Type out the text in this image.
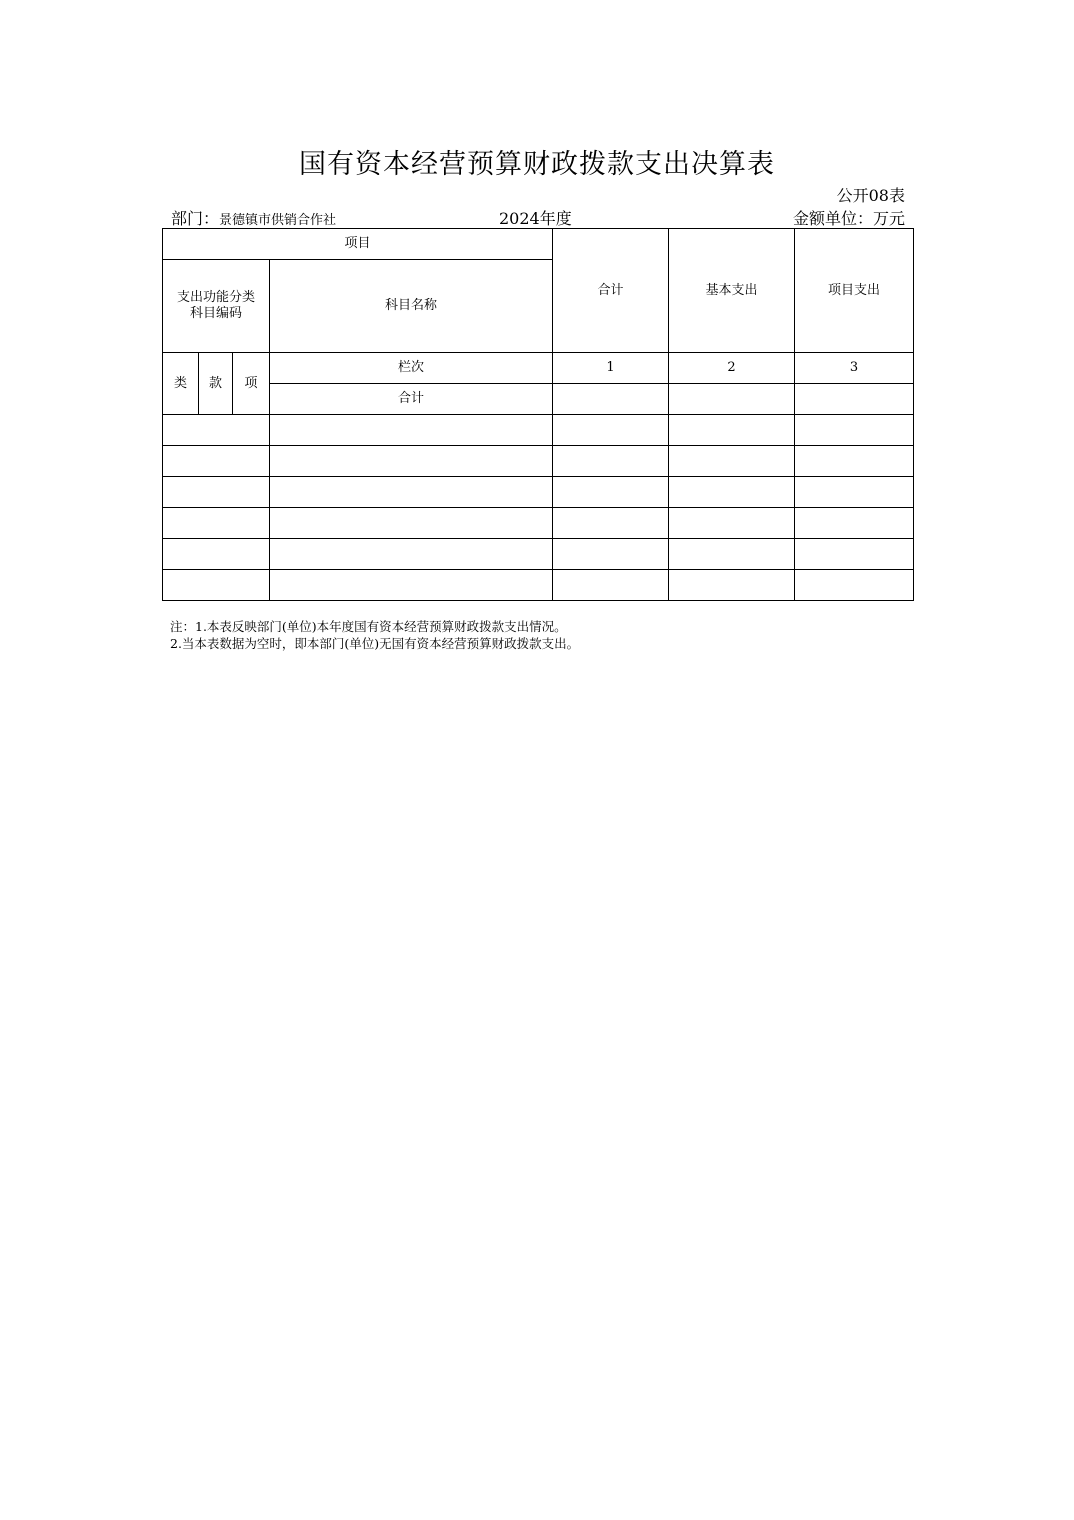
国有资本经营预算财政拨款支出决算表
公开08表
部门：景德镇市供销合作社	2024年度	金额单位：万元
项目				合计	基本支出	项目支出

支出功能分类科目编码			科目名称			
类	款	项	栏次	1	2	3
			合计			

注：1.本表反映部门(单位)本年度国有资本经营预算财政拨款支出情况。
2.当本表数据为空时，即本部门(单位)无国有资本经营预算财政拨款支出。
